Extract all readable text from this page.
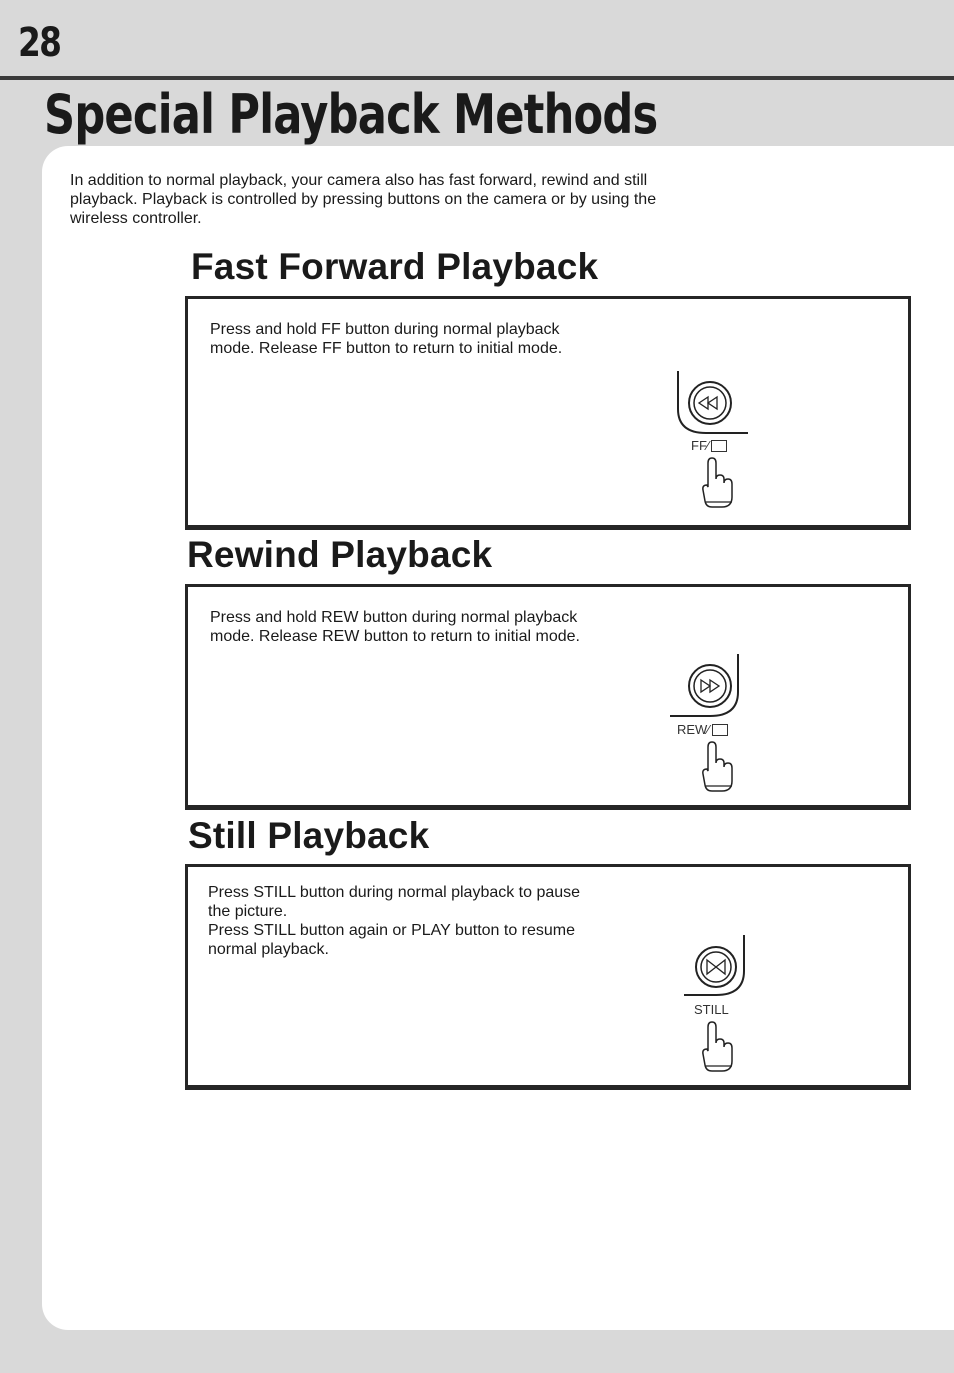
28
Special Playback Methods

In addition to normal playback, your camera also has fast forward, rewind and still playback. Playback is controlled by pressing buttons on the camera or by using the wireless controller.

Fast Forward Playback

Press and hold FF button during normal playback
mode. Release FF button to return to initial mode.

FF ⁄
Rewind Playback

Press and hold REW button during normal playback
mode. Release REW button to return to initial mode.

REW ⁄
Still Playback

Press STILL button during normal playback to pause
the picture.
Press STILL button again or PLAY button to resume
normal playback.

STILL
